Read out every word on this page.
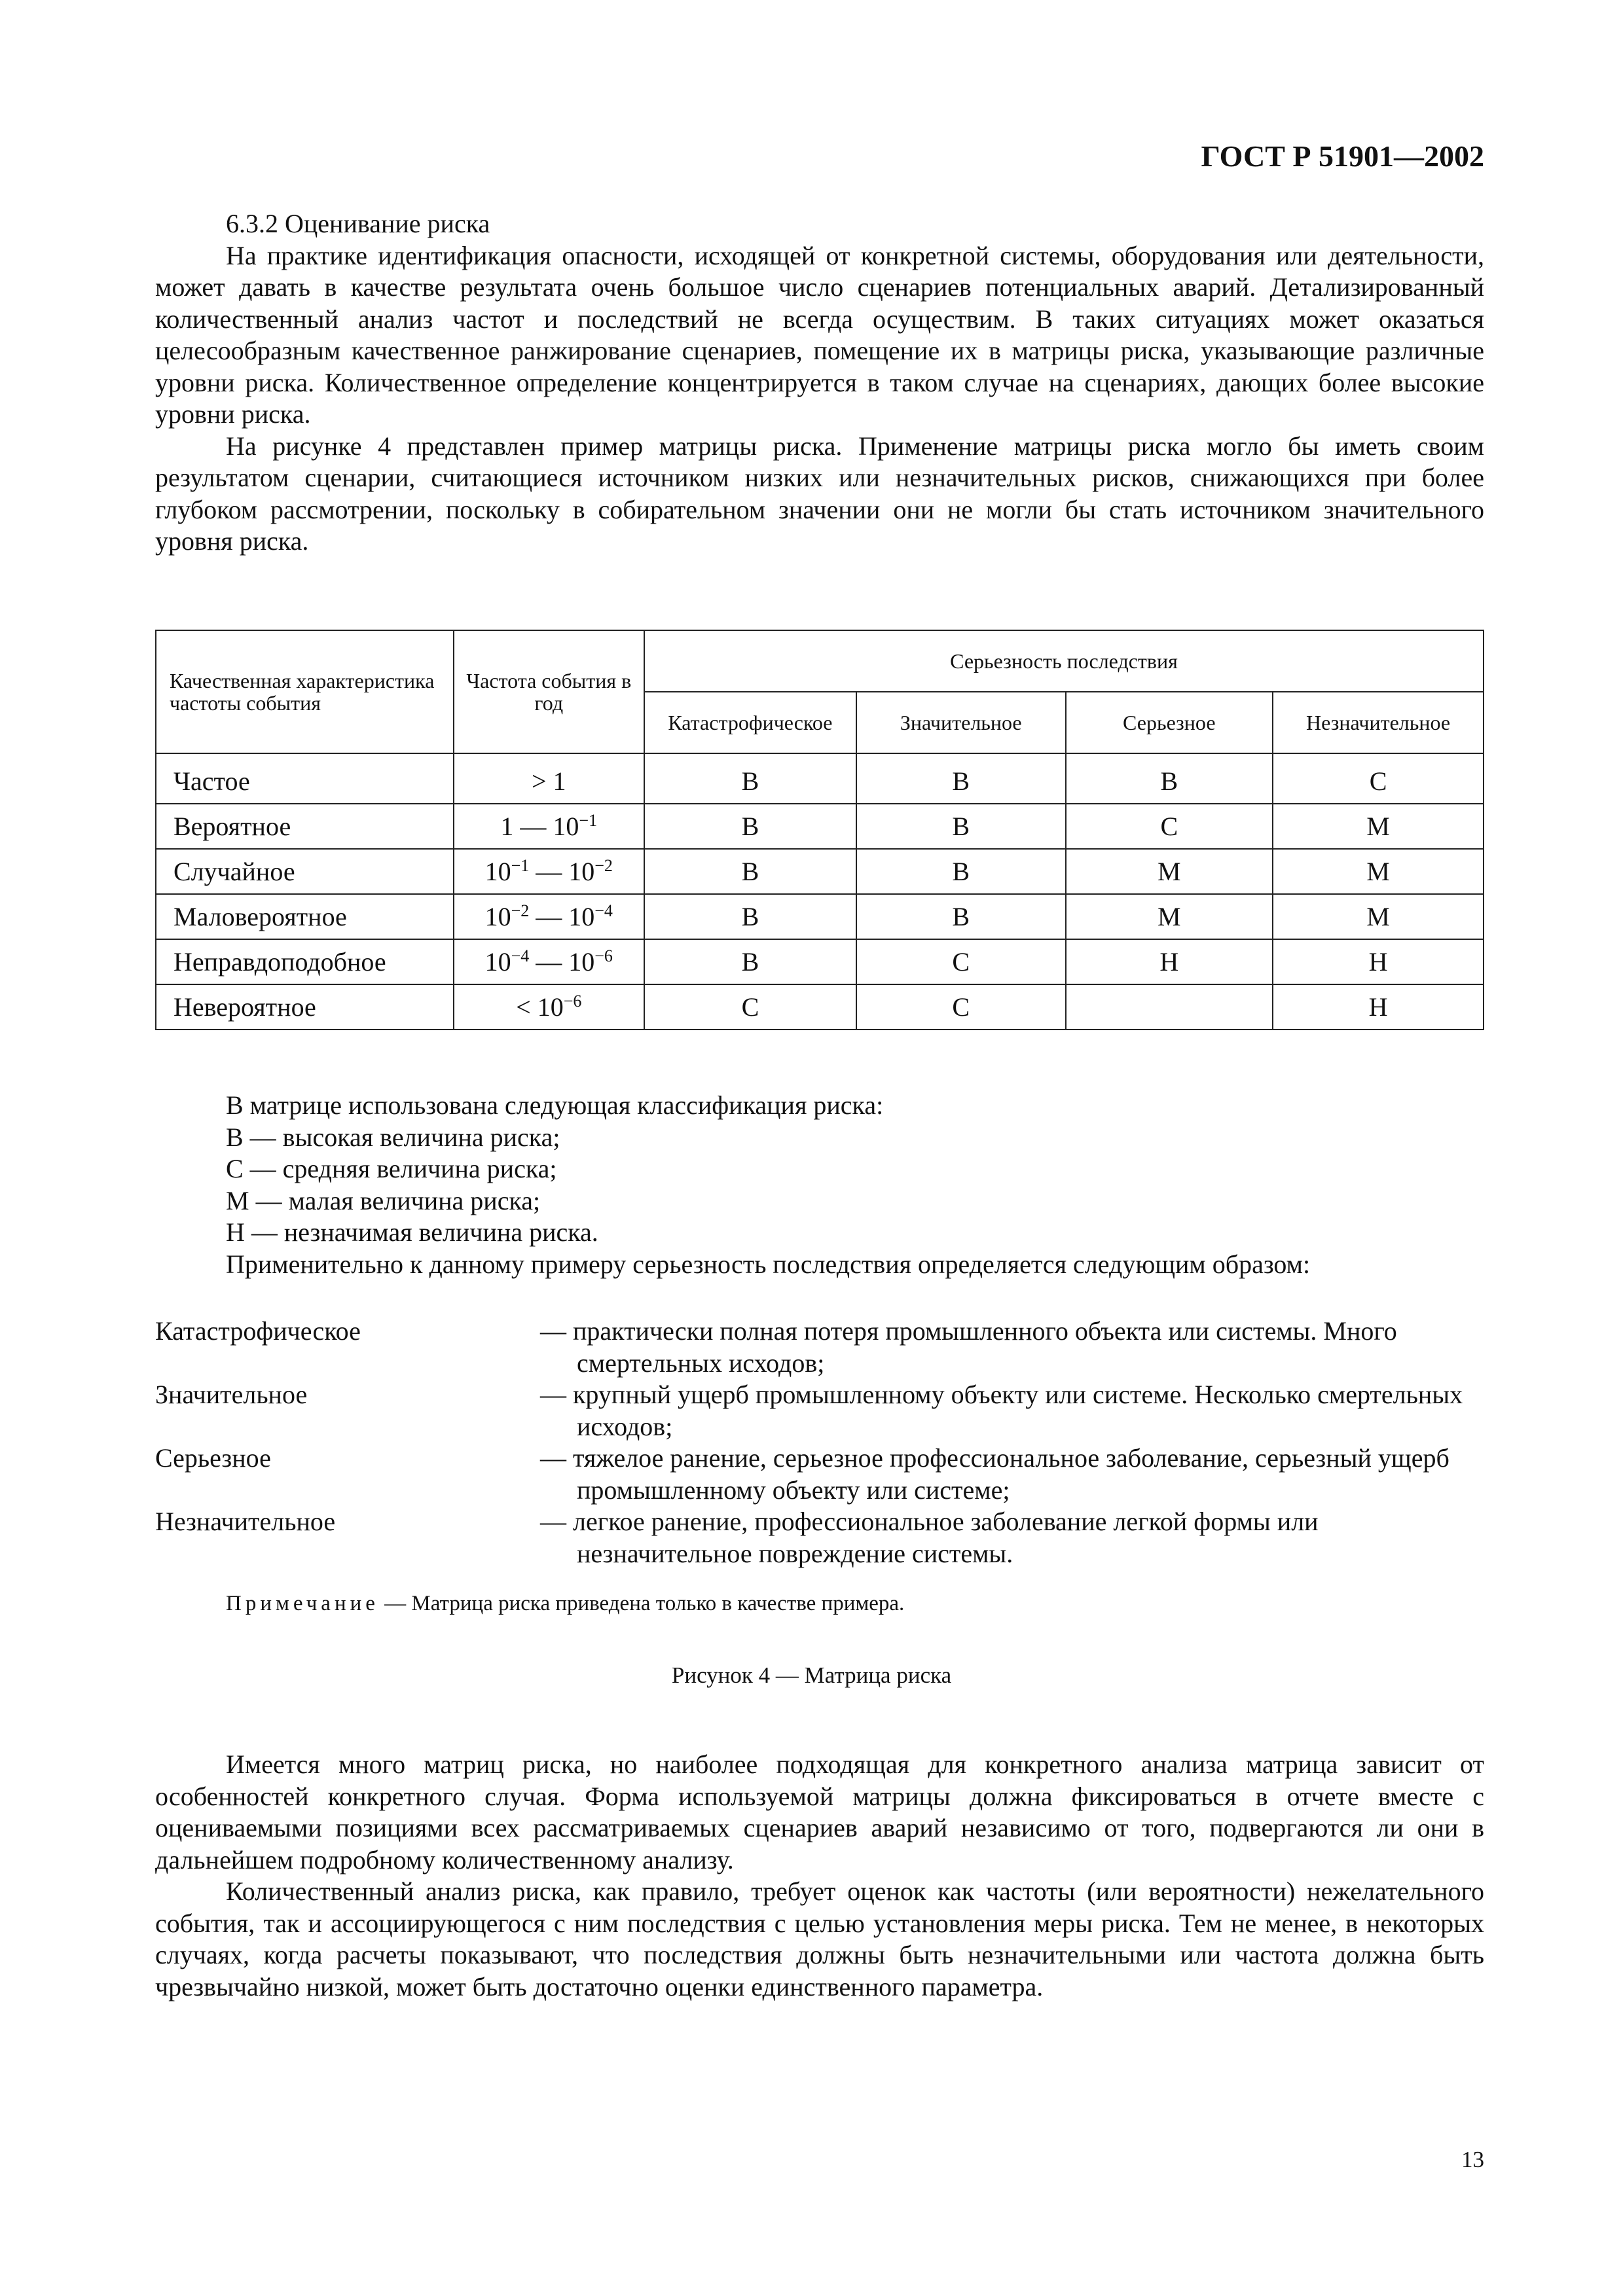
ГОСТ Р 51901—2002

6.3.2 Оценивание риска

На практике идентификация опасности, исходящей от конкретной системы, оборудования или деятельности, может давать в качестве результата очень большое число сценариев потенциальных аварий. Детализированный количественный анализ частот и последствий не всегда осуществим. В таких ситуациях может оказаться целесообразным качественное ранжирование сценариев, помещение их в матрицы риска, указывающие различные уровни риска. Количественное определение концентрируется в таком случае на сценариях, дающих более высокие уровни риска.

На рисунке 4 представлен пример матрицы риска. Применение матрицы риска могло бы иметь своим результатом сценарии, считающиеся источником низких или незначительных рисков, снижающихся при более глубоком рассмотрении, поскольку в собирательном значении они не могли бы стать источником значительного уровня риска.

Качественная характеристика частоты события	Частота события в год	Серьезность последствия			
		Катастрофическое	Значительное	Серьезное	Незначительное
Частое	> 1	В	В	В	С
Вероятное	1 — $10^{-1}$	В	В	С	М
Случайное	$10^{-1}$ — $10^{-2}$	В	В	М	М
Маловероятное	$10^{-2}$ — $10^{-4}$	В	В	М	М
Неправдоподобное	$10^{-4}$ — $10^{-6}$	В	С	Н	Н
Невероятное	< $10^{-6}$	С	С		Н

В матрице использована следующая классификация риска:

В — высокая величина риска;

С — средняя величина риска;

М — малая величина риска;

Н — незначимая величина риска.

Применительно к данному примеру серьезность последствия определяется следующим образом:

Катастрофическое	— практически полная потеря промышленного объекта или системы. Много смертельных исходов;
Значительное	— крупный ущерб промышленному объекту или системе. Несколько смертельных исходов;
Серьезное	— тяжелое ранение, серьезное профессиональное заболевание, серьезный ущерб промышленному объекту или системе;
Незначительное	— легкое ранение, профессиональное заболевание легкой формы или незначительное повреждение системы.
Примечание — Матрица риска приведена только в качестве примера.
Рисунок 4 — Матрица риска

Имеется много матриц риска, но наиболее подходящая для конкретного анализа матрица зависит от особенностей конкретного случая. Форма используемой матрицы должна фиксироваться в отчете вместе с оцениваемыми позициями всех рассматриваемых сценариев аварий независимо от того, подвергаются ли они в дальнейшем подробному количественному анализу.

Количественный анализ риска, как правило, требует оценок как частоты (или вероятности) нежелательного события, так и ассоциирующегося с ним последствия с целью установления меры риска. Тем не менее, в некоторых случаях, когда расчеты показывают, что последствия должны быть незначительными или частота должна быть чрезвычайно низкой, может быть достаточно оценки единственного параметра.

13
